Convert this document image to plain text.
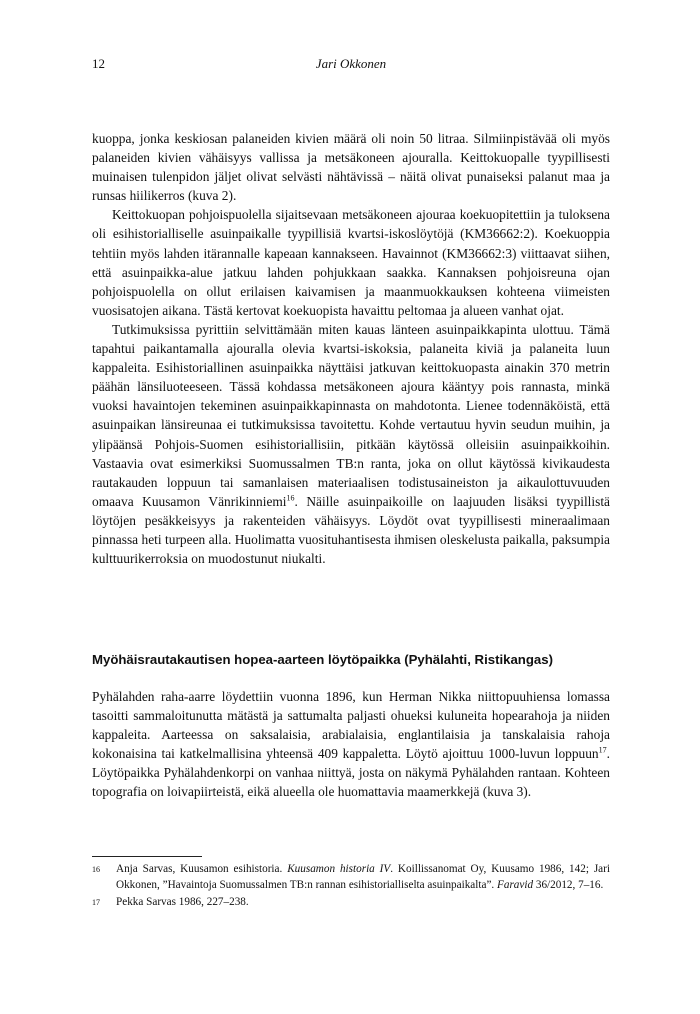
12	Jari Okkonen

kuoppa, jonka keskiosan palaneiden kivien määrä oli noin 50 litraa. Silmiinpistävää oli myös palaneiden kivien vähäisyys vallissa ja metsäkoneen ajouralla. Keittokuopalle tyypillisesti muinaisen tulenpidon jäljet olivat selvästi nähtävissä – näitä olivat punaiseksi palanut maa ja runsas hiilikerros (kuva 2).

Keittokuopan pohjoispuolella sijaitsevaan metsäkoneen ajouraa koekuopitettiin ja tuloksena oli esihistorialliselle asuinpaikalle tyypillisiä kvartsi-iskoslöytöjä (KM36662:2). Koekuoppia tehtiin myös lahden itärannalle kapeaan kannakseen. Havainnot (KM36662:3) viittaavat siihen, että asuinpaikka-alue jatkuu lahden pohjukkaan saakka. Kannaksen pohjoisreuna ojan pohjoispuolella on ollut erilaisen kaivamisen ja maanmuokkauksen kohteena viimeisten vuosisatojen aikana. Tästä kertovat koekuopista havaittu peltomaa ja alueen vanhat ojat.

Tutkimuksissa pyrittiin selvittämään miten kauas länteen asuinpaikkapinta ulottuu. Tämä tapahtui paikantamalla ajouralla olevia kvartsi-iskoksia, palaneita kiviä ja palaneita luun kappaleita. Esihistoriallinen asuinpaikka näyttäisi jatkuvan keittokuopasta ainakin 370 metrin päähän länsiluoteeseen. Tässä kohdassa metsäkoneen ajoura kääntyy pois rannasta, minkä vuoksi havaintojen tekeminen asuinpaikkapinnasta on mahdotonta. Lienee todennäköistä, että asuinpaikan länsireunaa ei tutkimuksissa tavoitettu. Kohde vertautuu hyvin seudun muihin, ja ylipäänsä Pohjois-Suomen esihistoriallisiin, pitkään käytössä olleisiin asuinpaikkoihin. Vastaavia ovat esimerkiksi Suomussalmen TB:n ranta, joka on ollut käytössä kivikaudesta rautakauden loppuun tai samanlaisen materiaalisen todistusaineiston ja aikaulottuvuuden omaava Kuusamon Vänrikinniemi$^{16}$. Näille asuinpaikoille on laajuuden lisäksi tyypillistä löytöjen pesäkkeisyys ja rakenteiden vähäisyys. Löydöt ovat tyypillisesti mineraalimaan pinnassa heti turpeen alla. Huolimatta vuosituhantisesta ihmisen oleskelusta paikalla, paksumpia kulttuurikerroksia on muodostunut niukalti.

Myöhäisrautakautisen hopea-aarteen löytöpaikka (Pyhälahti, Ristikangas)

Pyhälahden raha-aarre löydettiin vuonna 1896, kun Herman Nikka niittopuuhiensa lomassa tasoitti sammaloitunutta mätästä ja sattumalta paljasti ohueksi kuluneita hopearahoja ja niiden kappaleita. Aarteessa on saksalaisia, arabialaisia, englantilaisia ja tanskalaisia rahoja kokonaisina tai katkelmallisina yhteensä 409 kappaletta. Löytö ajoittuu 1000-luvun loppuun$^{17}$. Löytöpaikka Pyhälahdenkorpi on vanhaa niittyä, josta on näkymä Pyhälahden rantaan. Kohteen topografia on loivapiirteistä, eikä alueella ole huomattavia maamerkkejä (kuva 3).

16 Anja Sarvas, Kuusamon esihistoria. Kuusamon historia IV. Koillissanomat Oy, Kuusamo 1986, 142; Jari Okkonen, ”Havaintoja Suomussalmen TB:n rannan esihistorialliselta asuinpaikalta”. Faravid 36/2012, 7–16.

17 Pekka Sarvas 1986, 227–238.
